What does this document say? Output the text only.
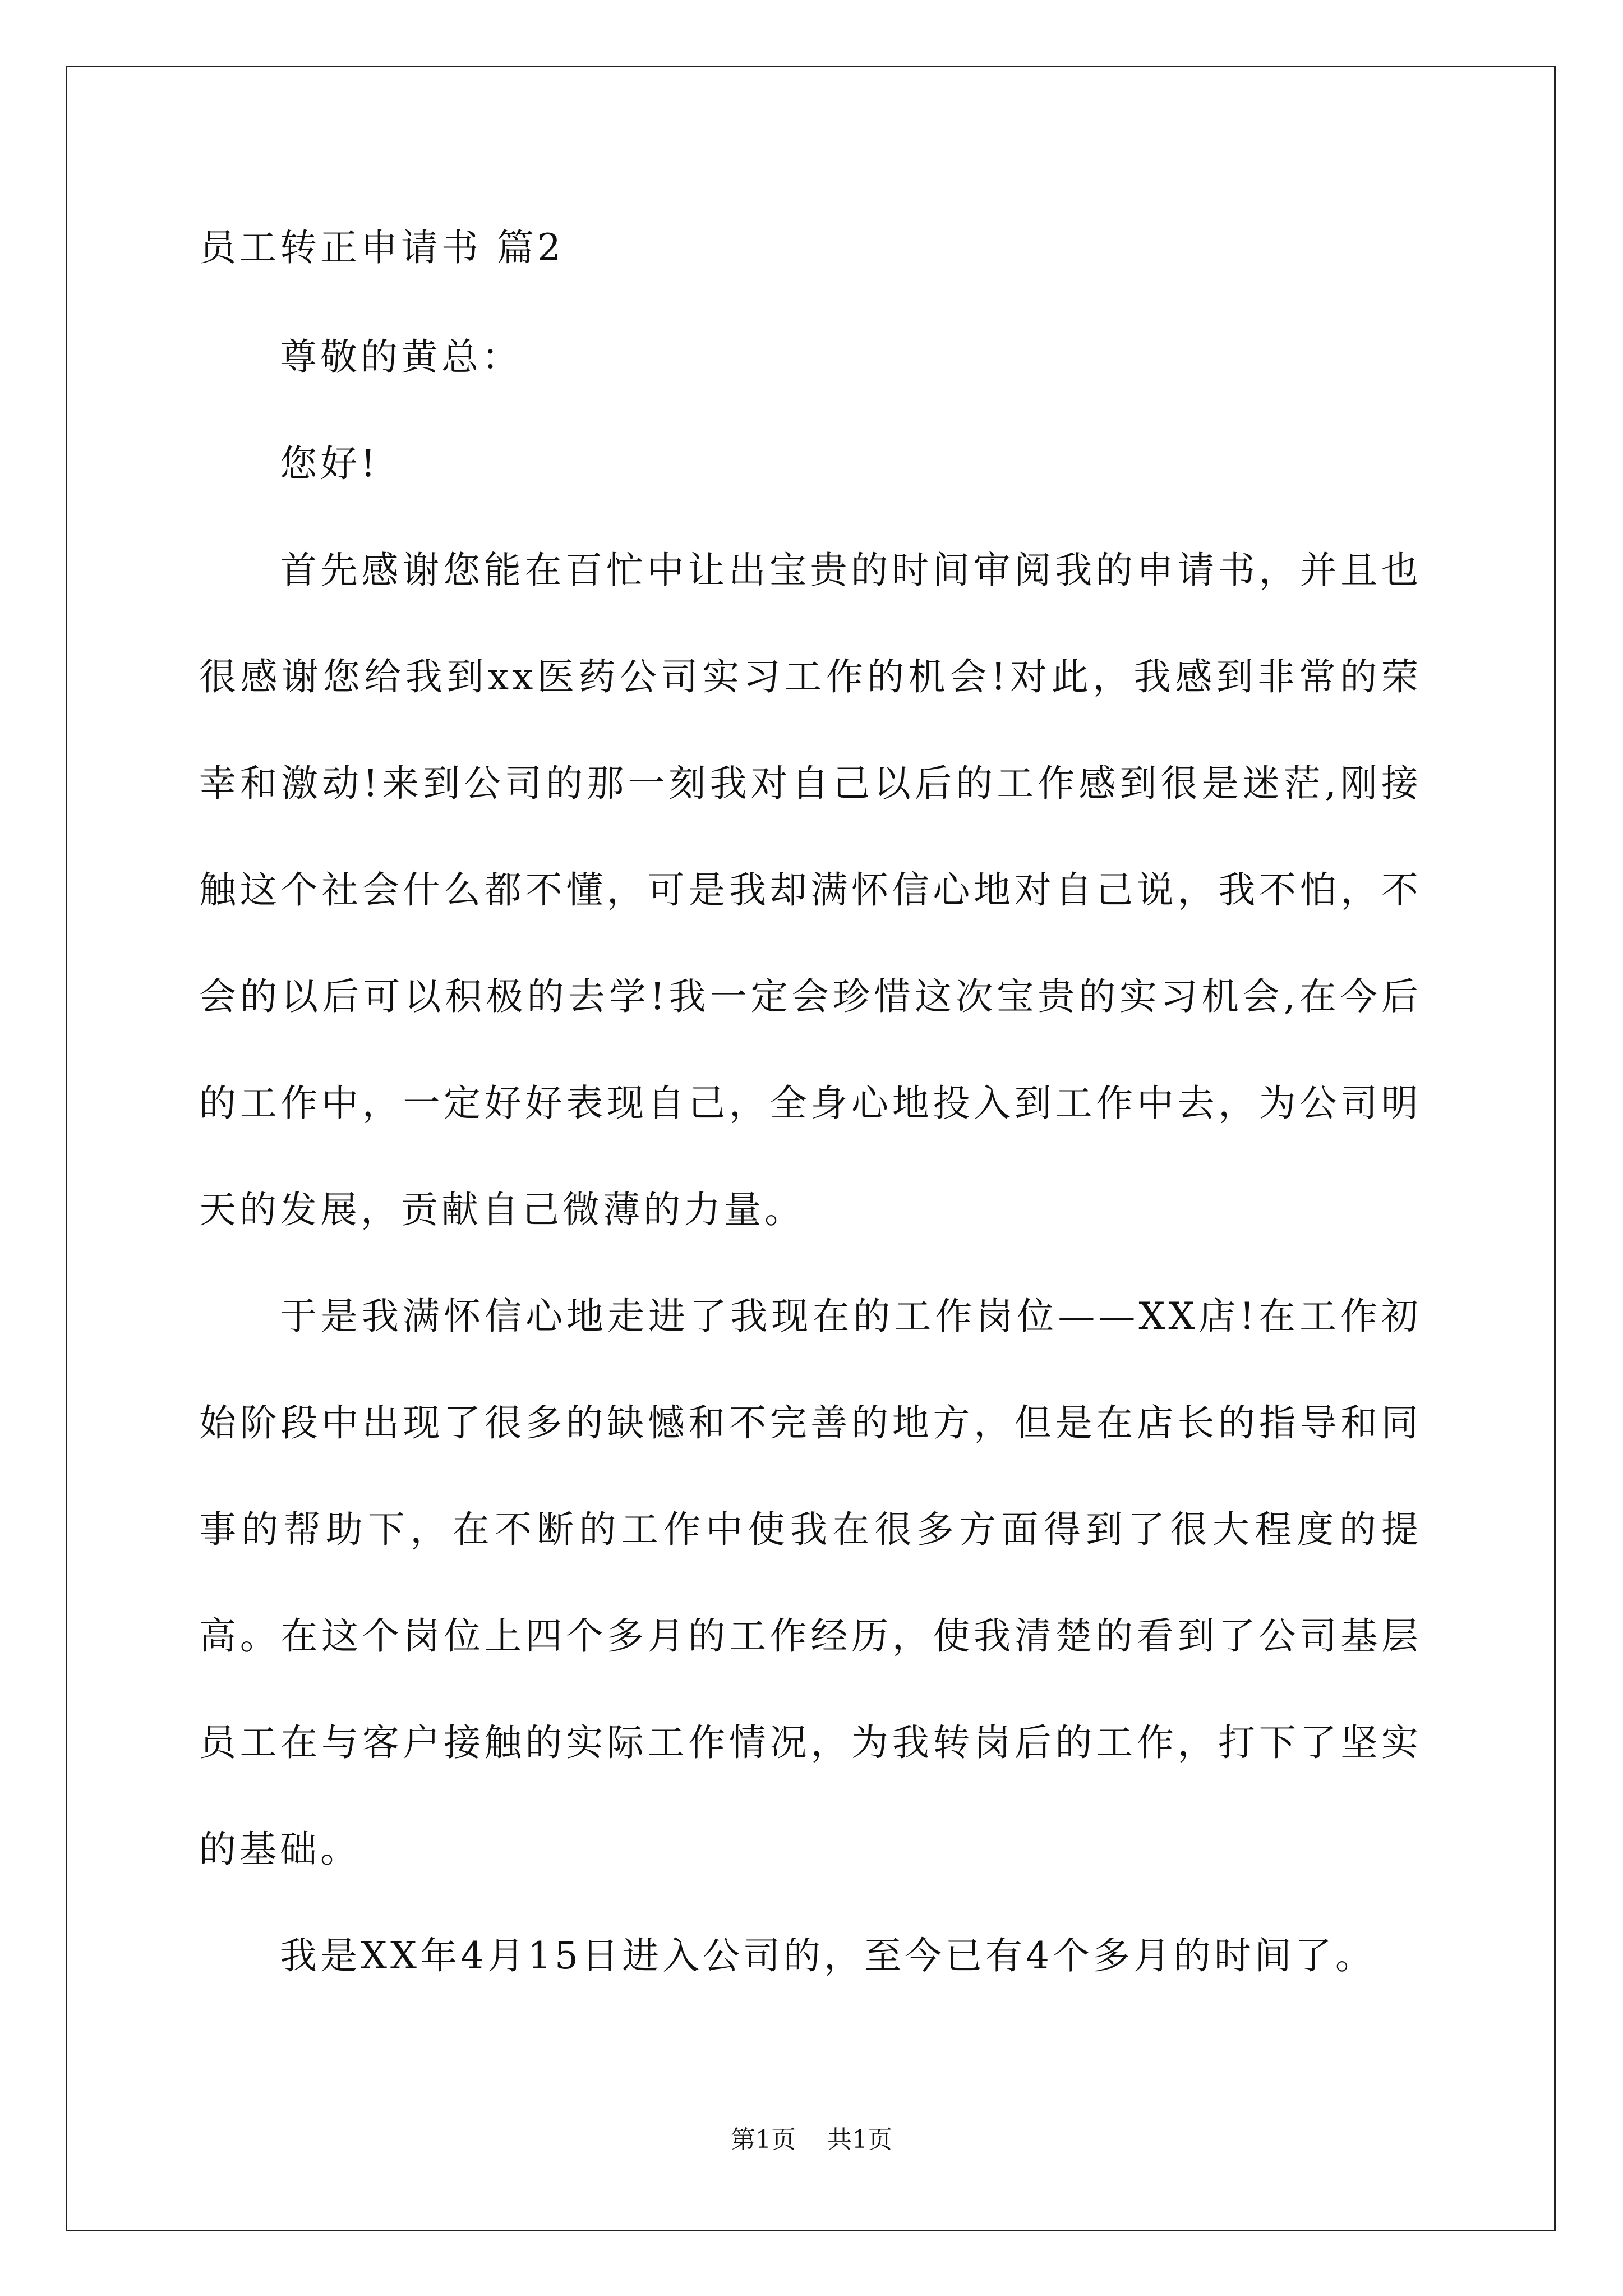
员工转正申请书 篇2

尊敬的黄总：

您好!

首先感谢您能在百忙中让出宝贵的时间审阅我的申请书，并且也很感谢您给我到xx医药公司实习工作的机会!对此，我感到非常的荣幸和激动!来到公司的那一刻我对自己以后的工作感到很是迷茫,刚接触这个社会什么都不懂，可是我却满怀信心地对自己说，我不怕，不会的以后可以积极的去学!我一定会珍惜这次宝贵的实习机会,在今后的工作中，一定好好表现自己，全身心地投入到工作中去，为公司明天的发展，贡献自己微薄的力量。

于是我满怀信心地走进了我现在的工作岗位——XX店!在工作初始阶段中出现了很多的缺憾和不完善的地方，但是在店长的指导和同事的帮助下，在不断的工作中使我在很多方面得到了很大程度的提高。在这个岗位上四个多月的工作经历，使我清楚的看到了公司基层员工在与客户接触的实际工作情况，为我转岗后的工作，打下了坚实的基础。

我是XX年4月15日进入公司的，至今已有4个多月的时间了。

第1页    共1页
